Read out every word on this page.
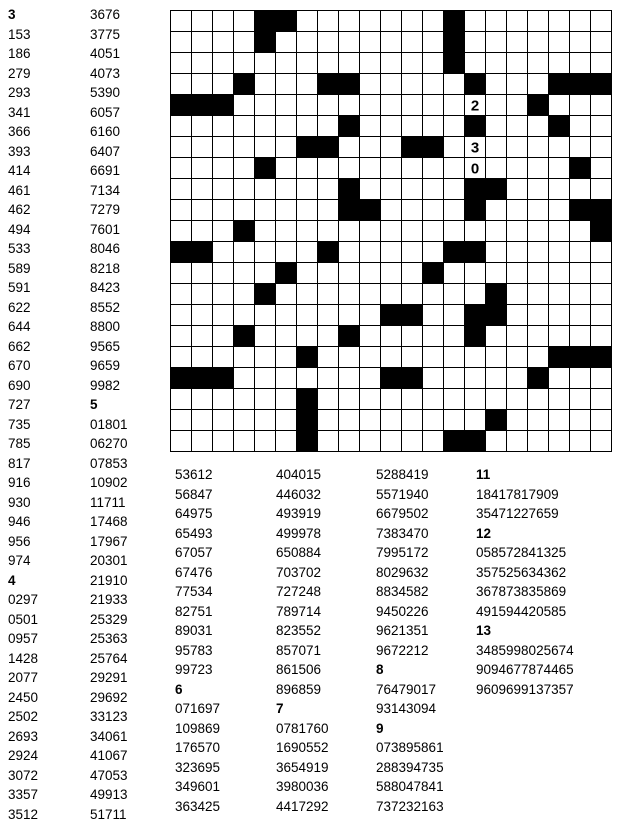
3
153
186
279
293
341
366
393
414
461
462
494
533
589
591
622
644
662
670
690
727
735
785
817
916
930
946
956
974
4
0297
0501
0957
1428
2077
2450
2502
2693
2924
3072
3357
3512
3676
3775
4051
4073
5390
6057
6160
6407
6691
7134
7279
7601
8046
8218
8423
8552
8800
9565
9659
9982
5
01801
06270
07853
10902
11711
17468
17967
20301
21910
21933
25329
25363
25764
29291
29692
33123
34061
41067
47053
49913
51711
53612
56847
64975
65493
67057
67476
77534
82751
89031
95783
99723
6
071697
109869
176570
323695
349601
363425
404015
446032
493919
499978
650884
703702
727248
789714
823552
857071
861506
896859
7
0781760
1690552
3654919
3980036
4417292
5288419
5571940
6679502
7383470
7995172
8029632
8834582
9450226
9621351
9672212
8
76479017
93143094
9
073895861
288394735
588047841
737232163
11
18417817909
35471227659
12
058572841325
357525634362
367873835869
491594420585
13
3485998025674
9094677874465
9609699137357
2
0
3
0
1
